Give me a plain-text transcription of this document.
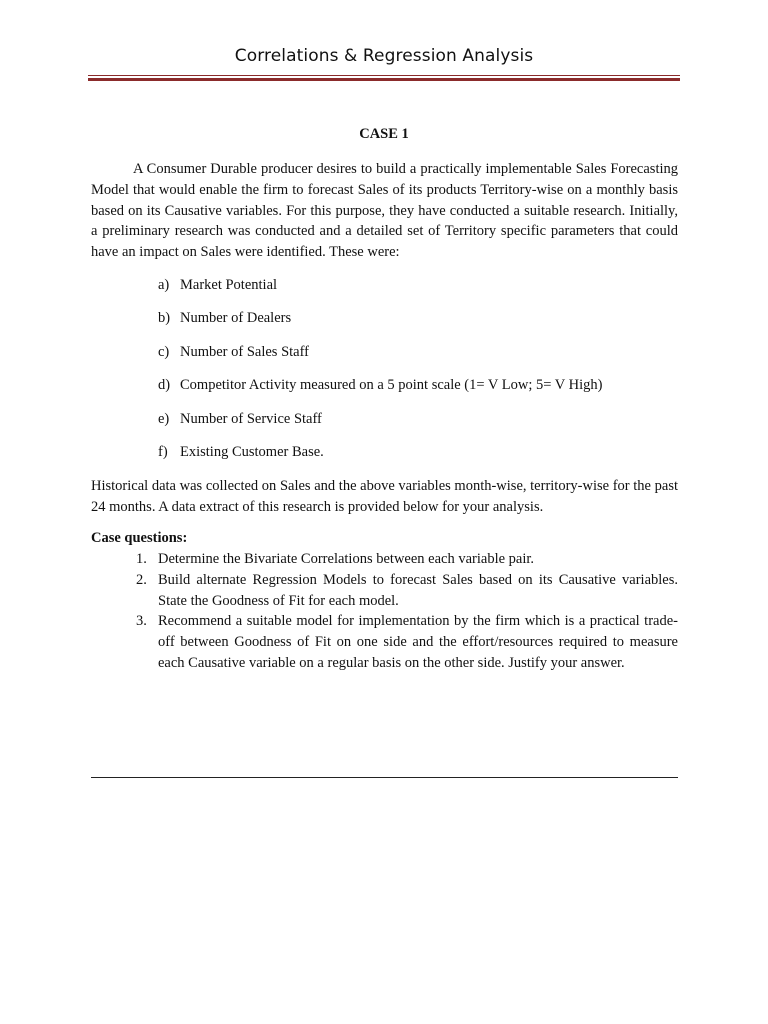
Correlations & Regression Analysis
CASE 1

A Consumer Durable producer desires to build a practically implementable Sales Forecasting Model that would enable the firm to forecast Sales of its products Territory-wise on a monthly basis based on its Causative variables. For this purpose, they have conducted a suitable research. Initially, a preliminary research was conducted and a detailed set of Territory specific parameters that could have an impact on Sales were identified. These were:

a) Market Potential
b) Number of Dealers
c) Number of Sales Staff
d) Competitor Activity measured on a 5 point scale (1= V Low; 5= V High)
e) Number of Service Staff
f) Existing Customer Base.

Historical data was collected on Sales and the above variables month-wise, territory-wise for the past 24 months. A data extract of this research is provided below for your analysis.

Case questions:
1. Determine the Bivariate Correlations between each variable pair.
2. Build alternate Regression Models to forecast Sales based on its Causative variables. State the Goodness of Fit for each model.
3. Recommend a suitable model for implementation by the firm which is a practical trade-off between Goodness of Fit on one side and the effort/resources required to measure each Causative variable on a regular basis on the other side. Justify your answer.
